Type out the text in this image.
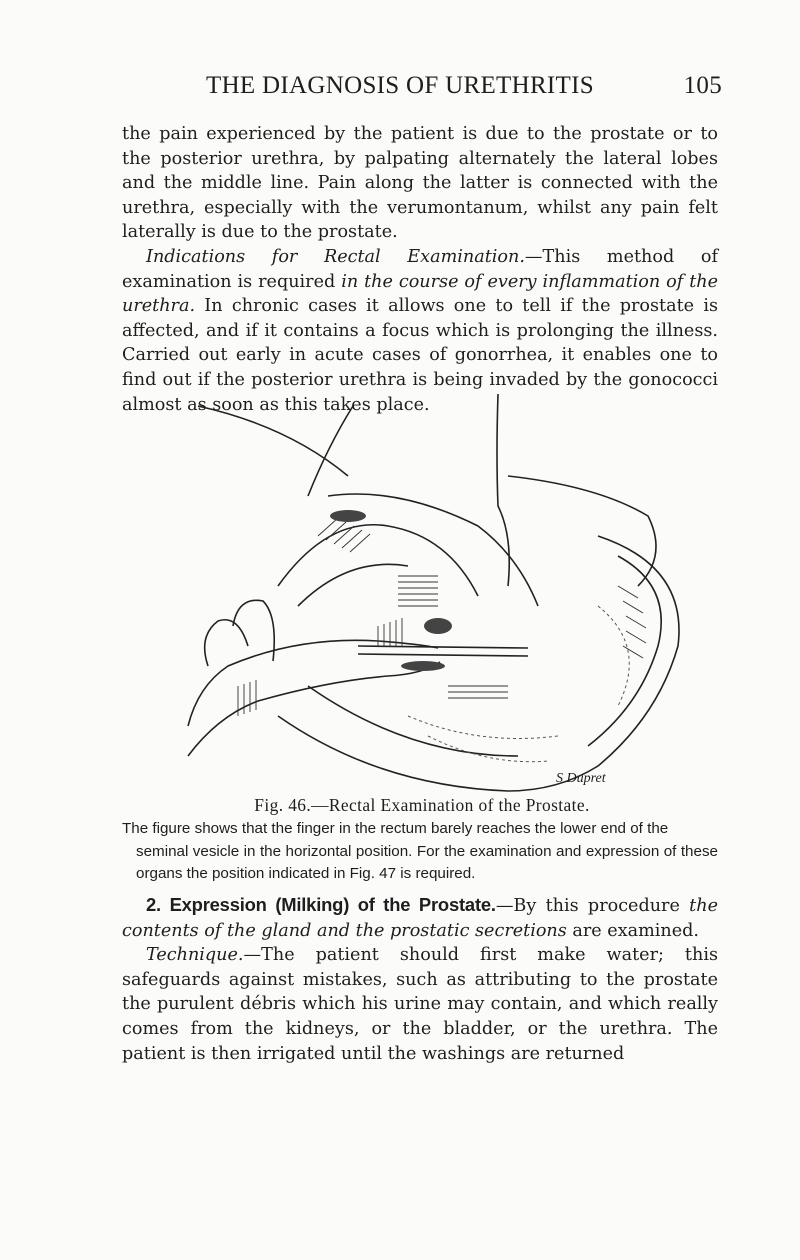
THE DIAGNOSIS OF URETHRITIS	105

the pain experienced by the patient is due to the prostate or to the posterior urethra, by palpating alternately the lateral lobes and the middle line. Pain along the latter is connected with the urethra, especially with the verumontanum, whilst any pain felt laterally is due to the prostate.

Indications for Rectal Examination.—This method of examination is required in the course of every inflammation of the urethra. In chronic cases it allows one to tell if the prostate is affected, and if it contains a focus which is prolonging the illness. Carried out early in acute cases of gonorrhea, it enables one to find out if the posterior urethra is being invaded by the gonococci almost as soon as this takes place.

S Dupret
Fig. 46.—Rectal Examination of the Prostate.

The figure shows that the finger in the rectum barely reaches the lower end of the
seminal vesicle in the horizontal position. For the examination and expression of these organs the position indicated in Fig. 47 is required.

2. Expression (Milking) of the Prostate.—By this procedure the contents of the gland and the prostatic secretions are examined.

Technique.—The patient should first make water; this safeguards against mistakes, such as attributing to the prostate the purulent débris which his urine may contain, and which really comes from the kidneys, or the bladder, or the urethra. The patient is then irrigated until the washings are returned
